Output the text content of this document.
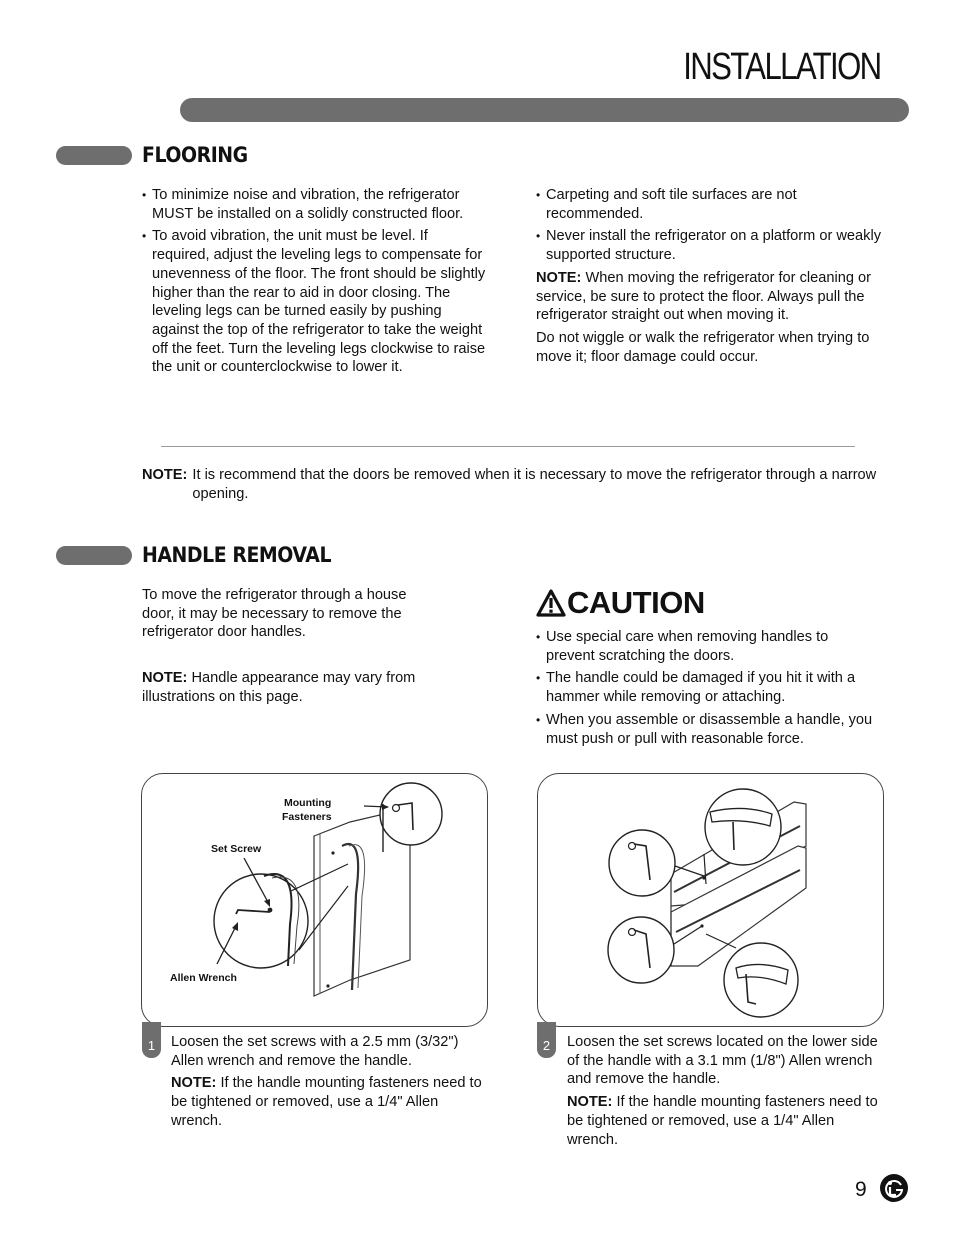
INSTALLATION
FLOORING

• To minimize noise and vibration, the refrigerator MUST be installed on a solidly constructed floor.

• To avoid vibration, the unit must be level. If required, adjust the leveling legs to compensate for unevenness of the floor. The front should be slightly higher than the rear to aid in door closing. The leveling legs can be turned easily by pushing against the top of the refrigerator to take the weight off the feet. Turn the leveling legs clockwise to raise the unit or counterclockwise to lower it.

• Carpeting and soft tile surfaces are not recommended.

• Never install the refrigerator on a platform or weakly supported structure.

NOTE: When moving the refrigerator for cleaning or service, be sure to protect the floor. Always pull the refrigerator straight out when moving it.

Do not wiggle or walk the refrigerator when trying to move it; floor damage could occur.

NOTE: It is recommend that the doors be removed when it is necessary to move the refrigerator through a narrow opening.
HANDLE REMOVAL

To move the refrigerator through a house door, it may be necessary to remove the refrigerator door handles.

NOTE: Handle appearance may vary from illustrations on this page.

CAUTION

• Use special care when removing handles to prevent scratching the doors.

• The handle could be damaged if you hit it with a hammer while removing or attaching.

• When you assemble or disassemble a handle, you must push or pull with reasonable force.

Mounting
Fasteners
Set Screw
Allen Wrench
1	2

Loosen the set screws with a 2.5 mm (3/32") Allen wrench and remove the handle.

NOTE: If the handle mounting fasteners need to be tightened or removed, use a 1/4" Allen wrench.

Loosen the set screws located on the lower side of the handle with a 3.1 mm (1/8") Allen wrench and remove the handle.

NOTE: If the handle mounting fasteners need to be tightened or removed, use a 1/4" Allen wrench.

9
